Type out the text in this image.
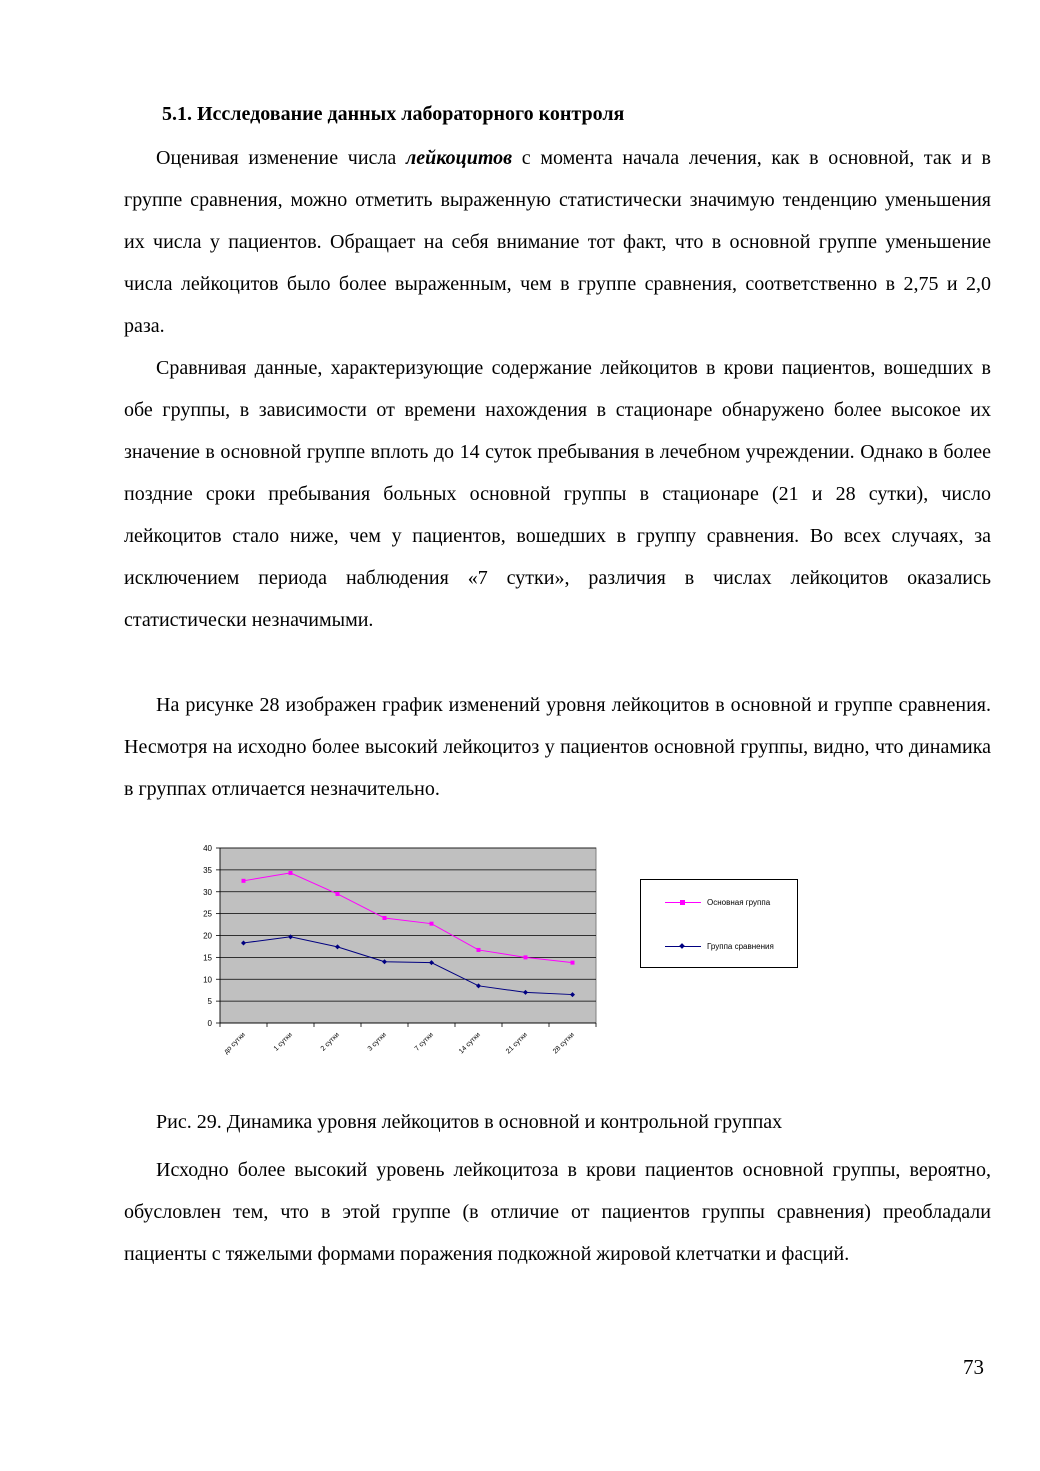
5.1. Исследование данных лабораторного контроля

Оценивая изменение числа лейкоцитов с момента начала лечения, как в основной, так и в группе сравнения, можно отметить выраженную статистически значимую тенденцию уменьшения их числа у пациентов. Обращает на себя внимание тот факт, что в основной группе уменьшение числа лейкоцитов было более выраженным, чем в группе сравнения, соответственно в 2,75 и 2,0 раза.

Сравнивая данные, характеризующие содержание лейкоцитов в крови пациентов, вошедших в обе группы, в зависимости от времени нахождения в стационаре обнаружено более высокое их значение в основной группе вплоть до 14 суток пребывания в лечебном учреждении. Однако в более поздние сроки пребывания больных основной группы в стационаре (21 и 28 сутки), число лейкоцитов стало ниже, чем у пациентов, вошедших в группу сравнения. Во всех случаях, за исключением периода наблюдения «7 сутки», различия в числах лейкоцитов оказались статистически незначимыми.

На рисунке 28 изображен график изменений уровня лейкоцитов в основной и группе сравнения. Несмотря на исходно более высокий лейкоцитоз у пациентов основной группы, видно, что динамика в группах отличается незначительно.

0
5
10
15
20
25
30
35
40
до сутки	1 сутки	2 сутки	3 сутки	7 сутки	14 сутки	21 сутки	28 сутки
Основная группа
Группа сравнения
Рис. 29. Динамика уровня лейкоцитов в основной и контрольной группах

Исходно более высокий уровень лейкоцитоза в крови пациентов основной группы, вероятно, обусловлен тем, что в этой группе (в отличие от пациентов группы сравнения) преобладали пациенты с тяжелыми формами поражения подкожной жировой клетчатки и фасций.

73
